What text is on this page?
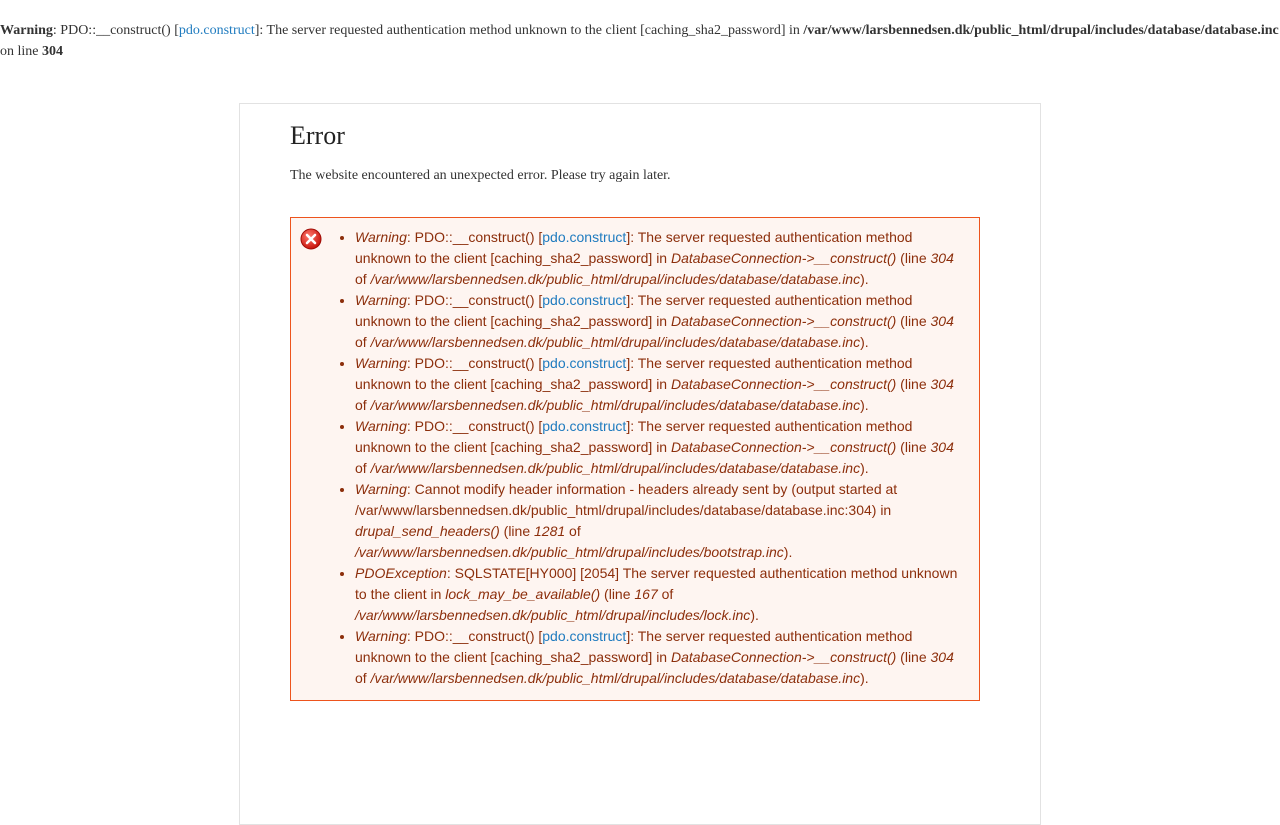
Warning: PDO::__construct() [pdo.construct]: The server requested authentication method unknown to the client [caching_sha2_password] in /var/www/larsbennedsen.dk/public_html/drupal/includes/database/database.inc
on line 304
Error

The website encountered an unexpected error. Please try again later.

• Warning: PDO::__construct() [pdo.construct]: The server requested authentication method unknown to the client [caching_sha2_password] in DatabaseConnection->__construct() (line 304 of /var/www/larsbennedsen.dk/public_html/drupal/includes/database/database.inc).
• Warning: PDO::__construct() [pdo.construct]: The server requested authentication method unknown to the client [caching_sha2_password] in DatabaseConnection->__construct() (line 304 of /var/www/larsbennedsen.dk/public_html/drupal/includes/database/database.inc).
• Warning: PDO::__construct() [pdo.construct]: The server requested authentication method unknown to the client [caching_sha2_password] in DatabaseConnection->__construct() (line 304 of /var/www/larsbennedsen.dk/public_html/drupal/includes/database/database.inc).
• Warning: PDO::__construct() [pdo.construct]: The server requested authentication method unknown to the client [caching_sha2_password] in DatabaseConnection->__construct() (line 304 of /var/www/larsbennedsen.dk/public_html/drupal/includes/database/database.inc).
• Warning: Cannot modify header information - headers already sent by (output started at /var/www/larsbennedsen.dk/public_html/drupal/includes/database/database.inc:304) in drupal_send_headers() (line 1281 of /var/www/larsbennedsen.dk/public_html/drupal/includes/bootstrap.inc).
• PDOException: SQLSTATE[HY000] [2054] The server requested authentication method unknown to the client in lock_may_be_available() (line 167 of /var/www/larsbennedsen.dk/public_html/drupal/includes/lock.inc).
• Warning: PDO::__construct() [pdo.construct]: The server requested authentication method unknown to the client [caching_sha2_password] in DatabaseConnection->__construct() (line 304 of /var/www/larsbennedsen.dk/public_html/drupal/includes/database/database.inc).
